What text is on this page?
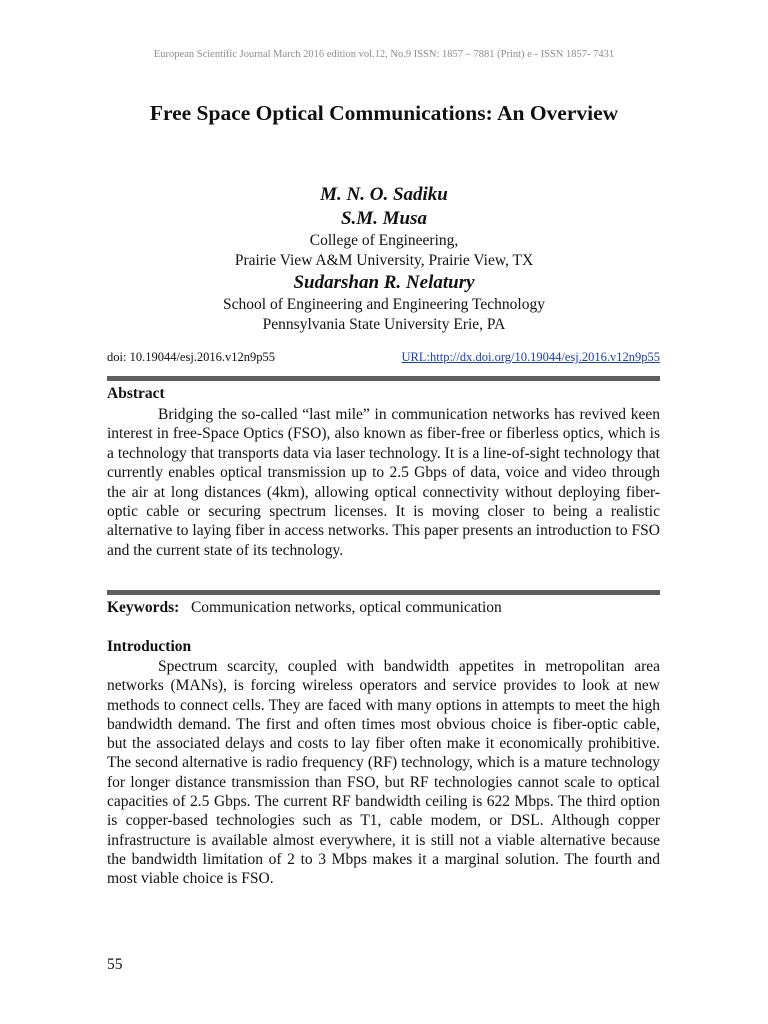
European Scientific Journal March 2016 edition vol.12, No.9 ISSN: 1857 – 7881 (Print) e - ISSN 1857- 7431
Free Space Optical Communications: An Overview
M. N. O. Sadiku
S.M. Musa
College of Engineering,
Prairie View A&M University, Prairie View, TX
Sudarshan R. Nelatury
School of Engineering and Engineering Technology
Pennsylvania State University Erie, PA
doi: 10.19044/esj.2016.v12n9p55	URL:http://dx.doi.org/10.19044/esj.2016.v12n9p55
Abstract
Bridging the so-called “last mile” in communication networks has revived keen interest in free-Space Optics (FSO), also known as fiber-free or fiberless optics, which is a technology that transports data via laser technology. It is a line-of-sight technology that currently enables optical transmission up to 2.5 Gbps of data, voice and video through the air at long distances (4km), allowing optical connectivity without deploying fiber-optic cable or securing spectrum licenses. It is moving closer to being a realistic alternative to laying fiber in access networks. This paper presents an introduction to FSO and the current state of its technology.
Keywords: Communication networks, optical communication
Introduction
Spectrum scarcity, coupled with bandwidth appetites in metropolitan area networks (MANs), is forcing wireless operators and service provides to look at new methods to connect cells. They are faced with many options in attempts to meet the high bandwidth demand. The first and often times most obvious choice is fiber-optic cable, but the associated delays and costs to lay fiber often make it economically prohibitive. The second alternative is radio frequency (RF) technology, which is a mature technology for longer distance transmission than FSO, but RF technologies cannot scale to optical capacities of 2.5 Gbps. The current RF bandwidth ceiling is 622 Mbps. The third option is copper-based technologies such as T1, cable modem, or DSL. Although copper infrastructure is available almost everywhere, it is still not a viable alternative because the bandwidth limitation of 2 to 3 Mbps makes it a marginal solution. The fourth and most viable choice is FSO.
55
